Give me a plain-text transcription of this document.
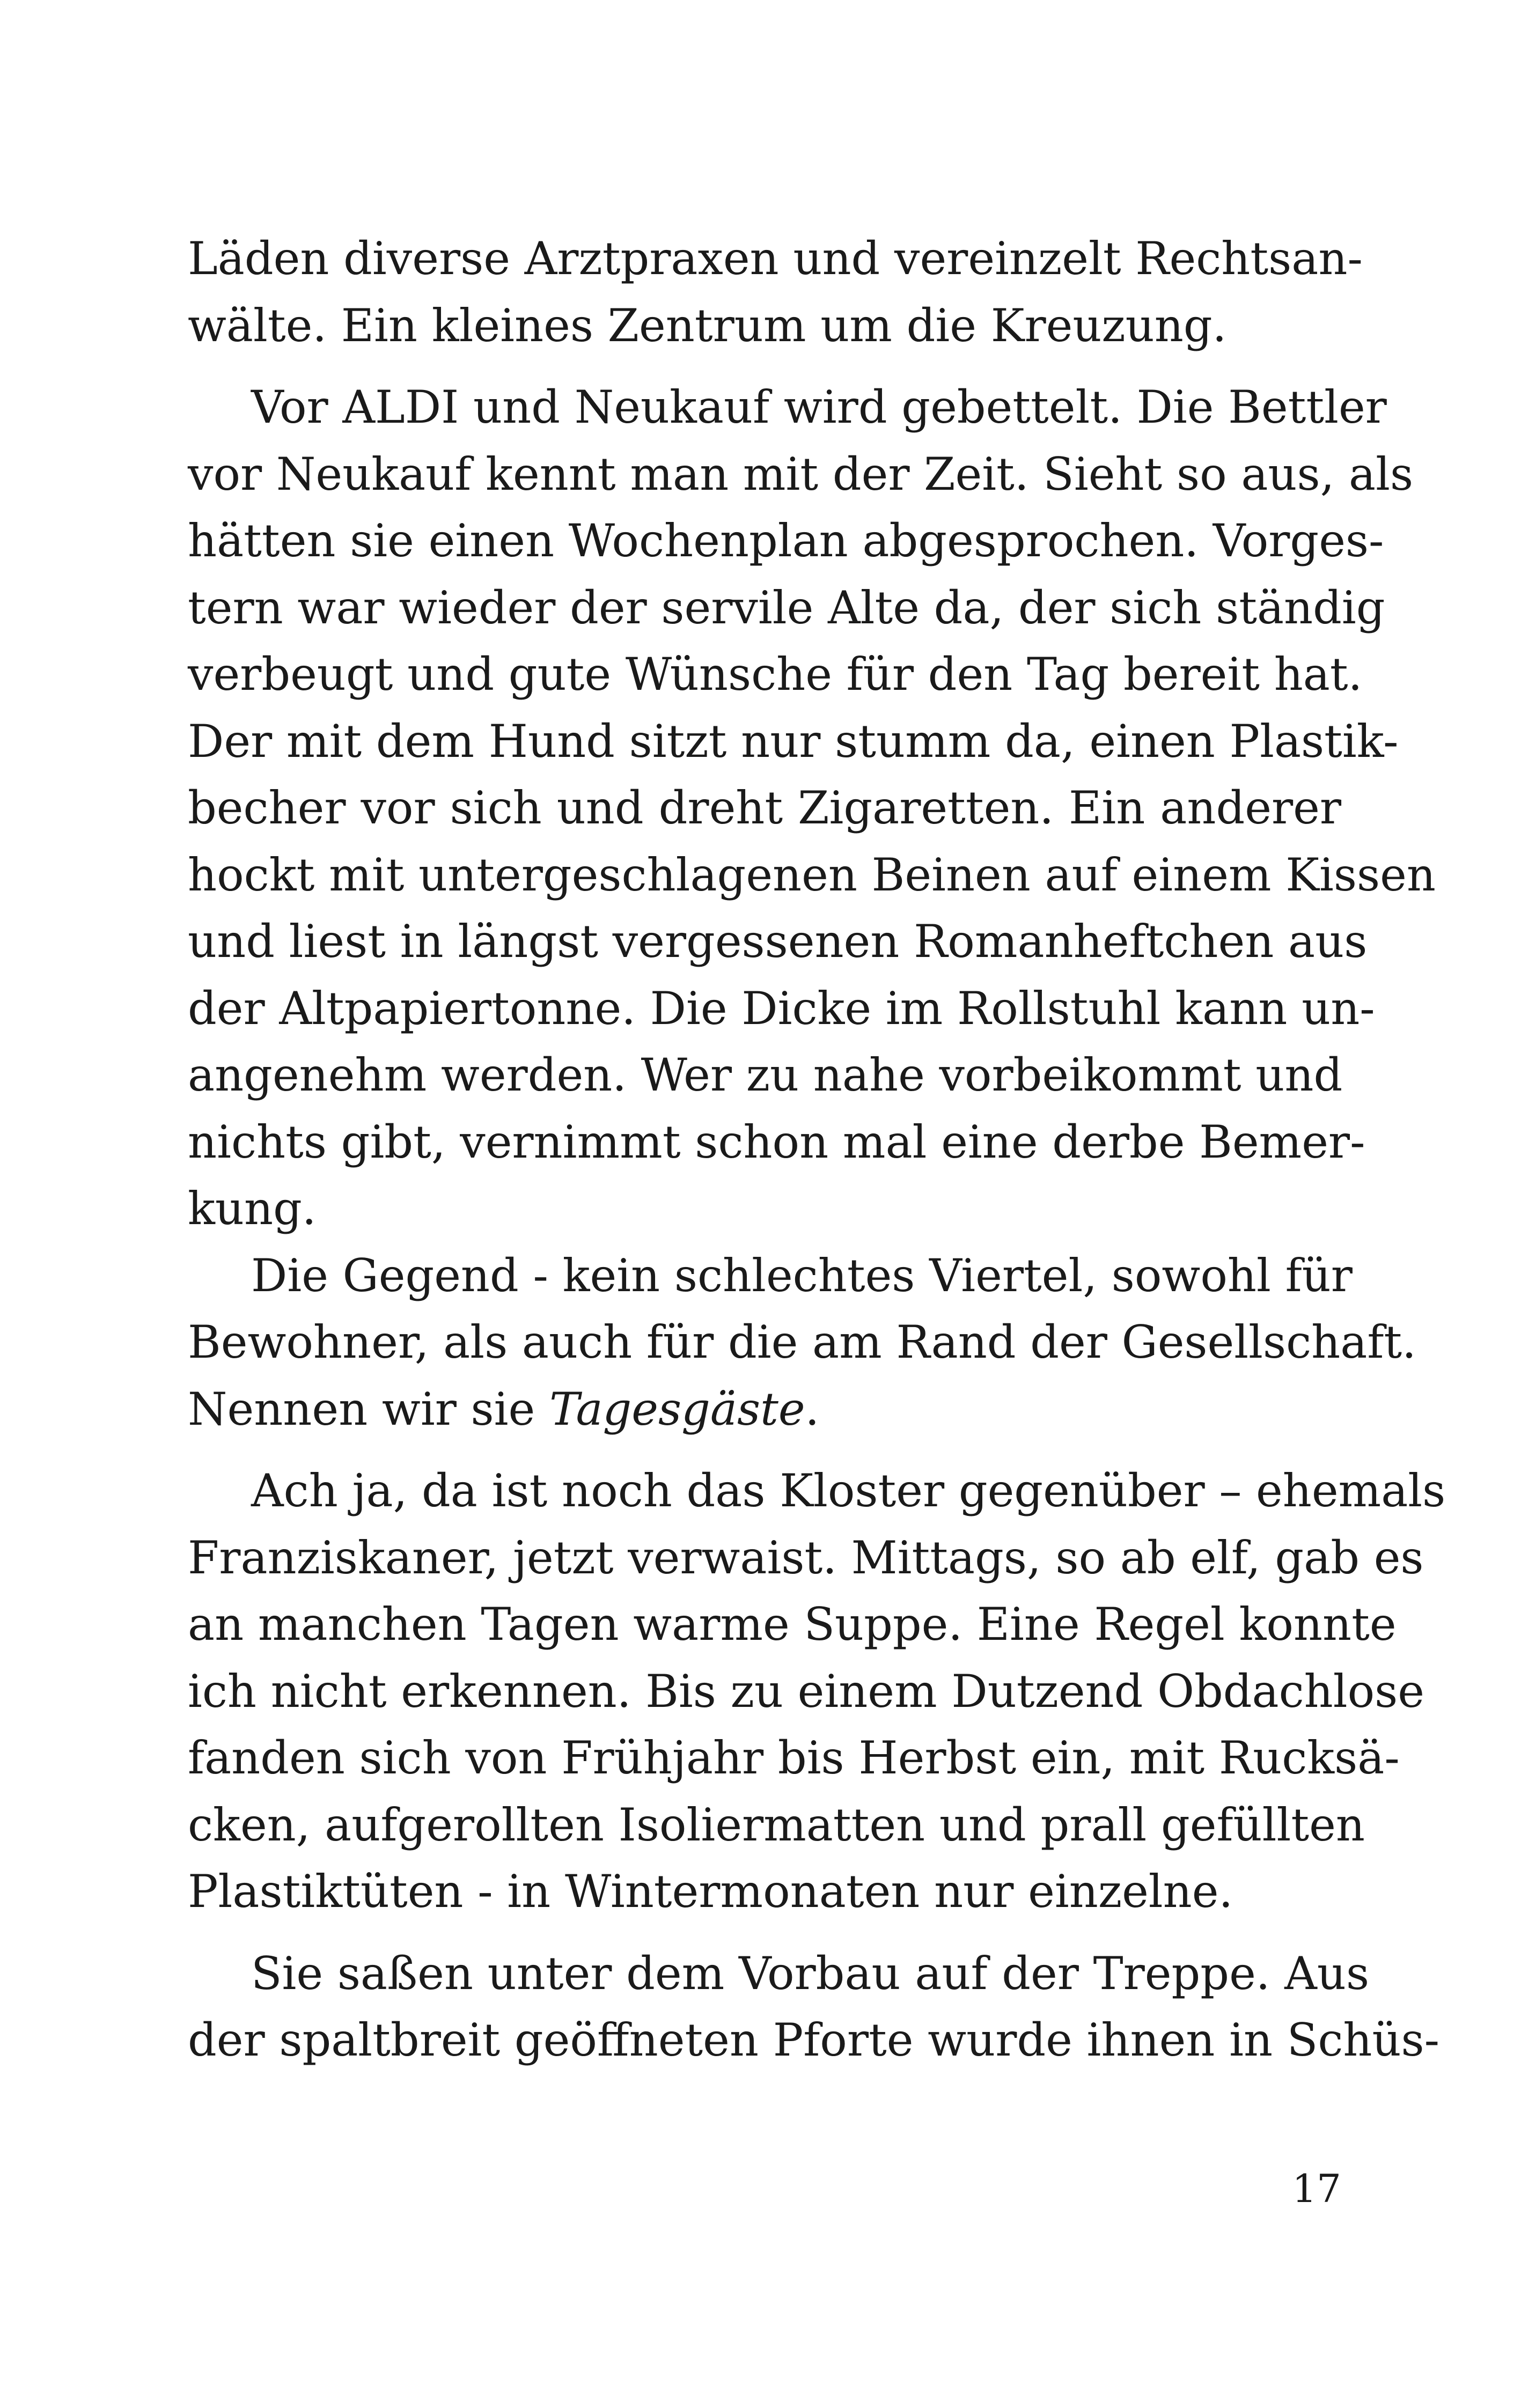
Läden diverse Arztpraxen und vereinzelt Rechtsan-
wälte. Ein kleines Zentrum um die Kreuzung.
Vor ALDI und Neukauf wird gebettelt. Die Bettler
vor Neukauf kennt man mit der Zeit. Sieht so aus, als
hätten sie einen Wochenplan abgesprochen. Vorges-
tern war wieder der servile Alte da, der sich ständig
verbeugt und gute Wünsche für den Tag bereit hat.
Der mit dem Hund sitzt nur stumm da, einen Plastik-
becher vor sich und dreht Zigaretten. Ein anderer
hockt mit untergeschlagenen Beinen auf einem Kissen
und liest in längst vergessenen Romanheftchen aus
der Altpapiertonne. Die Dicke im Rollstuhl kann un-
angenehm werden. Wer zu nahe vorbeikommt und
nichts gibt, vernimmt schon mal eine derbe Bemer-
kung.
Die Gegend - kein schlechtes Viertel, sowohl für
Bewohner, als auch für die am Rand der Gesellschaft.
Nennen wir sie Tagesgäste.
Ach ja, da ist noch das Kloster gegenüber – ehemals
Franziskaner, jetzt verwaist. Mittags, so ab elf, gab es
an manchen Tagen warme Suppe. Eine Regel konnte
ich nicht erkennen. Bis zu einem Dutzend Obdachlose
fanden sich von Frühjahr bis Herbst ein, mit Rucksä-
cken, aufgerollten Isoliermatten und prall gefüllten
Plastiktüten - in Wintermonaten nur einzelne.
Sie saßen unter dem Vorbau auf der Treppe. Aus
der spaltbreit geöffneten Pforte wurde ihnen in Schüs-
17
